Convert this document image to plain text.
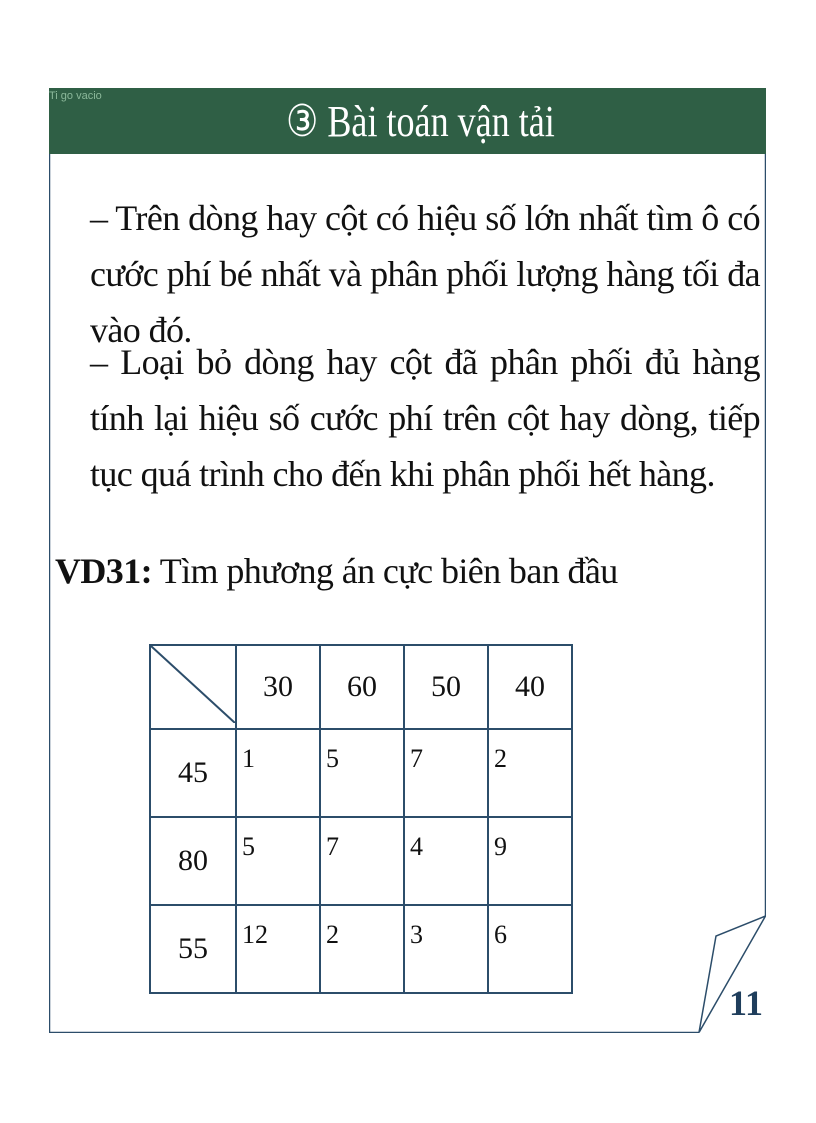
Ti go vacio
③ Bài toán vận tải
– Trên dòng hay cột có hiệu số lớn nhất tìm ô có cước phí bé nhất và phân phối lượng hàng tối đa vào đó.
– Loại bỏ dòng hay cột đã phân phối đủ hàng tính lại hiệu số cước phí trên cột hay dòng, tiếp tục quá trình cho đến khi phân phối hết hàng.
VD31: Tìm phương án cực biên ban đầu
	30	60	50	40
45	1	5	7	2

80	5	7	4	9

55	12	2	3	6
11
